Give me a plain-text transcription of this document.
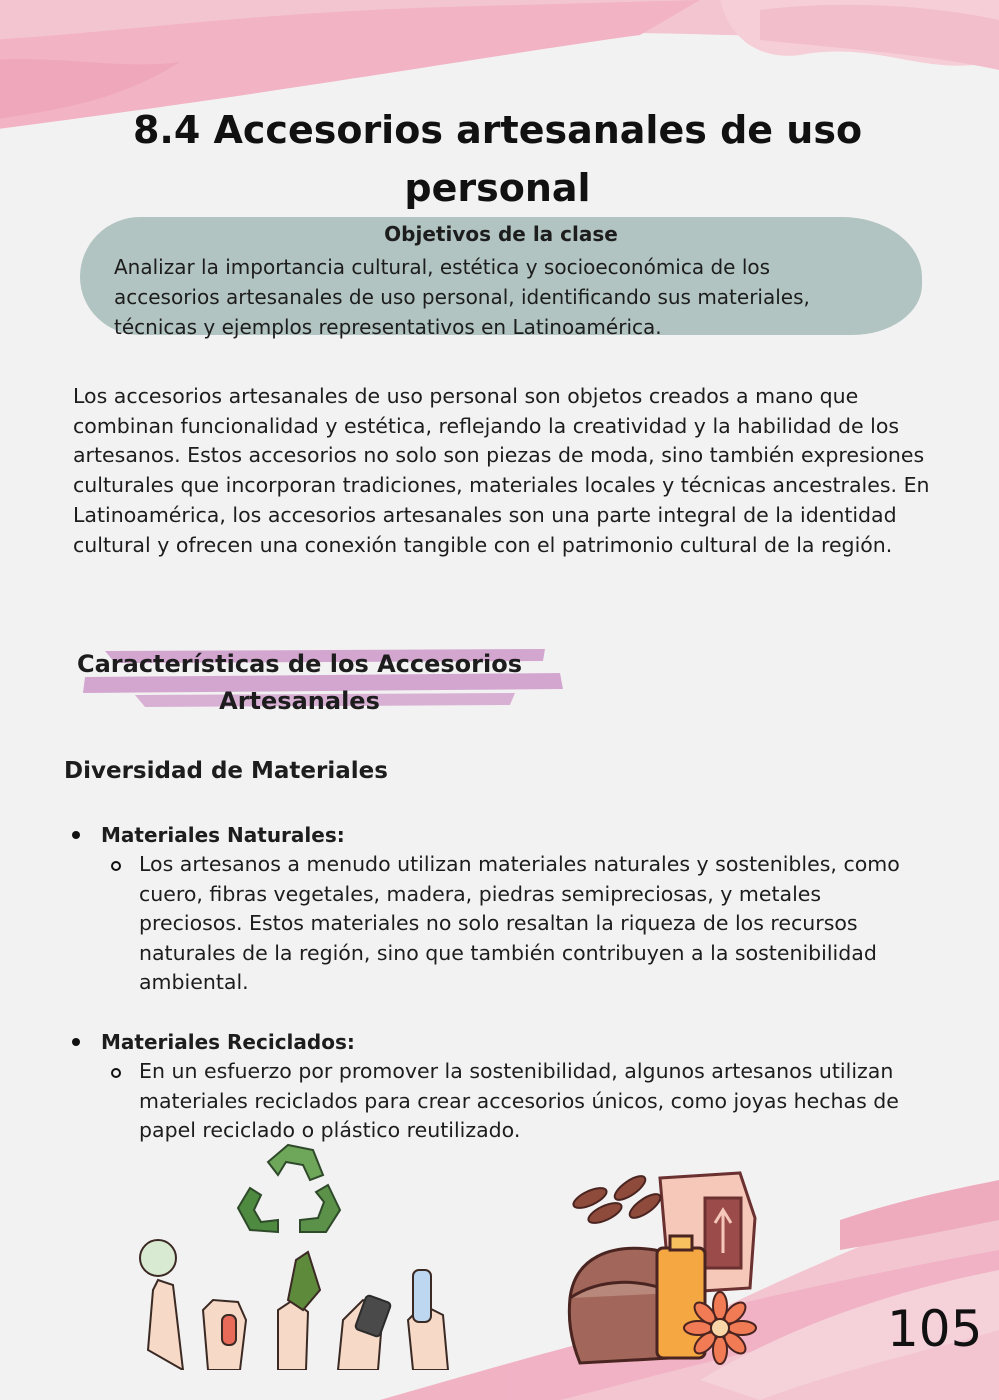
8.4 Accesorios artesanales de uso personal
Objetivos de la clase
Analizar la importancia cultural, estética y socioeconómica de los accesorios artesanales de uso personal, identificando sus materiales, técnicas y ejemplos representativos en Latinoamérica.

Los accesorios artesanales de uso personal son objetos creados a mano que combinan funcionalidad y estética, reflejando la creatividad y la habilidad de los artesanos. Estos accesorios no solo son piezas de moda, sino también expresiones culturales que incorporan tradiciones, materiales locales y técnicas ancestrales. En Latinoamérica, los accesorios artesanales son una parte integral de la identidad cultural y ofrecen una conexión tangible con el patrimonio cultural de la región.

Características de los Accesorios Artesanales
Diversidad de Materiales
Materiales Naturales:

Los artesanos a menudo utilizan materiales naturales y sostenibles, como cuero, fibras vegetales, madera, piedras semipreciosas, y metales preciosos. Estos materiales no solo resaltan la riqueza de los recursos naturales de la región, sino que también contribuyen a la sostenibilidad ambiental.

Materiales Reciclados:

En un esfuerzo por promover la sostenibilidad, algunos artesanos utilizan materiales reciclados para crear accesorios únicos, como joyas hechas de papel reciclado o plástico reutilizado.

105
